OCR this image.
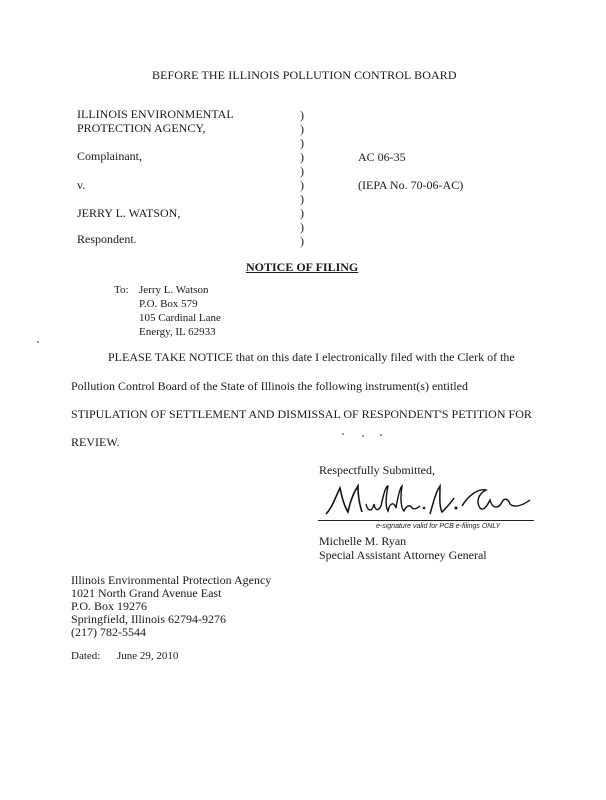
BEFORE THE ILLINOIS POLLUTION CONTROL BOARD
ILLINOIS ENVIRONMENTAL
PROTECTION AGENCY,
Complainant,
v.
JERRY L. WATSON,
Respondent.
)
)
)
)
)
)
)
)
)
)
AC 06-35
(IEPA No. 70-06-AC)
NOTICE OF FILING
To: Jerry L. Watson
P.O. Box 579
105 Cardinal Lane
Energy, IL 62933
PLEASE TAKE NOTICE that on this date I electronically filed with the Clerk of the
Pollution Control Board of the State of Illinois the following instrument(s) entitled
STIPULATION OF SETTLEMENT AND DISMISSAL OF RESPONDENT'S PETITION FOR
REVIEW.
Respectfully Submitted,
e-signature valid for PCB e-filings ONLY
Michelle M. Ryan
Special Assistant Attorney General
Illinois Environmental Protection Agency
1021 North Grand Avenue East
P.O. Box 19276
Springfield, Illinois 62794-9276
(217) 782-5544
Dated: June 29, 2010
